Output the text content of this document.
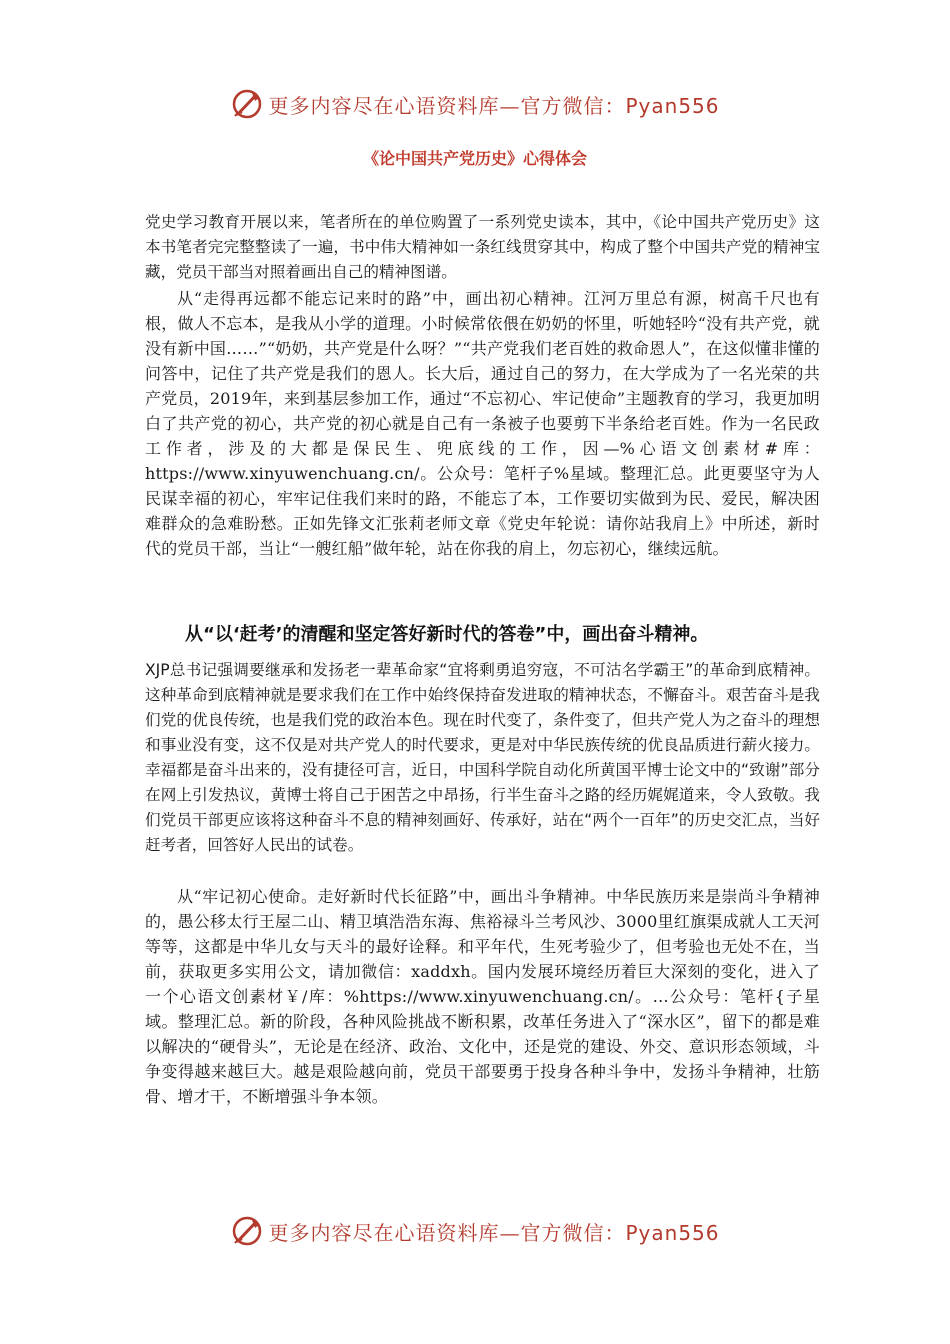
更多内容尽在心语资料库—官方微信：Pyan556
《论中国共产党历史》心得体会

党史学习教育开展以来，笔者所在的单位购置了一系列党史读本，其中，《论中国共产党历史》这本书笔者完完整整读了一遍，书中伟大精神如一条红线贯穿其中，构成了整个中国共产党的精神宝藏，党员干部当对照着画出自己的精神图谱。

从“走得再远都不能忘记来时的路”中，画出初心精神。江河万里总有源，树高千尺也有根，做人不忘本，是我从小学的道理。小时候常依偎在奶奶的怀里，听她轻吟“没有共产党，就没有新中国……”“奶奶，共产党是什么呀？”“共产党我们老百姓的救命恩人”，在这似懂非懂的问答中，记住了共产党是我们的恩人。长大后，通过自己的努力，在大学成为了一名光荣的共产党员，2019年，来到基层参加工作，通过“不忘初心、牢记使命”主题教育的学习，我更加明白了共产党的初心，共产党的初心就是自己有一条被子也要剪下半条给老百姓。作为一名民政工作者，涉及的大都是保民生、兜底线的工作，因—%心语文创素材#库：https://www.xinyuwenchuang.cn/。公众号：笔杆子%星域。整理汇总。此更要坚守为人民谋幸福的初心，牢牢记住我们来时的路，不能忘了本，工作要切实做到为民、爱民，解决困难群众的急难盼愁。正如先锋文汇张莉老师文章《党史年轮说：请你站我肩上》中所述，新时代的党员干部，当让“一艘红船”做年轮，站在你我的肩上，勿忘初心，继续远航。

从“以‘赶考’的清醒和坚定答好新时代的答卷”中，画出奋斗精神。

XJP总书记强调要继承和发扬老一辈革命家“宜将剩勇追穷寇，不可沽名学霸王”的革命到底精神。这种革命到底精神就是要求我们在工作中始终保持奋发进取的精神状态，不懈奋斗。艰苦奋斗是我们党的优良传统，也是我们党的政治本色。现在时代变了，条件变了，但共产党人为之奋斗的理想和事业没有变，这不仅是对共产党人的时代要求，更是对中华民族传统的优良品质进行薪火接力。幸福都是奋斗出来的，没有捷径可言，近日，中国科学院自动化所黄国平博士论文中的“致谢”部分在网上引发热议，黄博士将自己于困苦之中昂扬，行半生奋斗之路的经历娓娓道来，令人致敬。我们党员干部更应该将这种奋斗不息的精神刻画好、传承好，站在“两个一百年”的历史交汇点，当好赶考者，回答好人民出的试卷。

从“牢记初心使命。走好新时代长征路”中，画出斗争精神。中华民族历来是崇尚斗争精神的，愚公移太行王屋二山、精卫填浩浩东海、焦裕禄斗兰考风沙、3000里红旗渠成就人工天河等等，这都是中华儿女与天斗的最好诠释。和平年代，生死考验少了，但考验也无处不在，当前，获取更多实用公文，请加微信：xaddxh。国内发展环境经历着巨大深刻的变化，进入了一个心语文创素材￥/库：%https://www.xinyuwenchuang.cn/。…公众号：笔杆{子星域。整理汇总。新的阶段，各种风险挑战不断积累，改革任务进入了“深水区”，留下的都是难以解决的“硬骨头”，无论是在经济、政治、文化中，还是党的建设、外交、意识形态领域，斗争变得越来越巨大。越是艰险越向前，党员干部要勇于投身各种斗争中，发扬斗争精神，壮筋骨、增才干，不断增强斗争本领。

更多内容尽在心语资料库—官方微信：Pyan556
